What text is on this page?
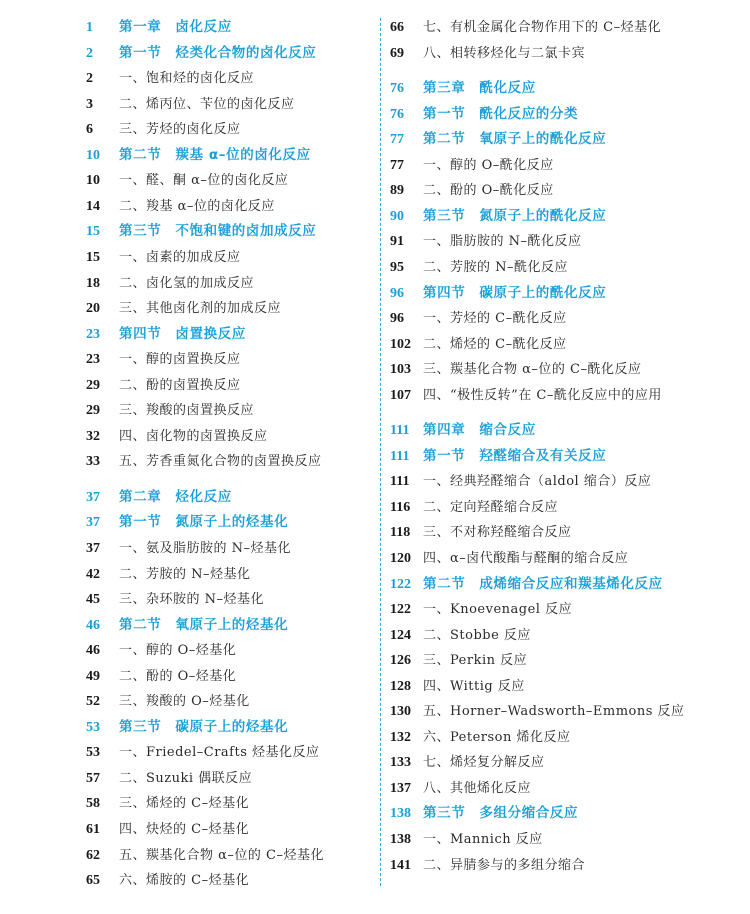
1 第一章　卤化反应
2 第一节　烃类化合物的卤化反应
2 一、饱和烃的卤化反应
3 二、烯丙位、苄位的卤化反应
6 三、芳烃的卤化反应
10 第二节　羰基 α–位的卤化反应
10 一、醛、酮 α–位的卤化反应
14 二、羧基 α–位的卤化反应
15 第三节　不饱和键的卤加成反应
15 一、卤素的加成反应
18 二、卤化氢的加成反应
20 三、其他卤化剂的加成反应
23 第四节　卤置换反应
23 一、醇的卤置换反应
29 二、酚的卤置换反应
29 三、羧酸的卤置换反应
32 四、卤化物的卤置换反应
33 五、芳香重氮化合物的卤置换反应
37 第二章　烃化反应
37 第一节　氮原子上的烃基化
37 一、氨及脂肪胺的 N–烃基化
42 二、芳胺的 N–烃基化
45 三、杂环胺的 N–烃基化
46 第二节　氧原子上的烃基化
46 一、醇的 O–烃基化
49 二、酚的 O–烃基化
52 三、羧酸的 O–烃基化
53 第三节　碳原子上的烃基化
53 一、Friedel–Crafts 烃基化反应
57 二、Suzuki 偶联反应
58 三、烯烃的 C–烃基化
61 四、炔烃的 C–烃基化
62 五、羰基化合物 α–位的 C–烃基化
65 六、烯胺的 C–烃基化
66 七、有机金属化合物作用下的 C–烃基化
69 八、相转移烃化与二氯卡宾
76 第三章　酰化反应
76 第一节　酰化反应的分类
77 第二节　氧原子上的酰化反应
77 一、醇的 O–酰化反应
89 二、酚的 O–酰化反应
90 第三节　氮原子上的酰化反应
91 一、脂肪胺的 N–酰化反应
95 二、芳胺的 N–酰化反应
96 第四节　碳原子上的酰化反应
96 一、芳烃的 C–酰化反应
102 二、烯烃的 C–酰化反应
103 三、羰基化合物 α–位的 C–酰化反应
107 四、“极性反转”在 C–酰化反应中的应用
111 第四章　缩合反应
111 第一节　羟醛缩合及有关反应
111 一、经典羟醛缩合（aldol 缩合）反应
116 二、定向羟醛缩合反应
118 三、不对称羟醛缩合反应
120 四、α–卤代酸酯与醛酮的缩合反应
122 第二节　成烯缩合反应和羰基烯化反应
122 一、Knoevenagel 反应
124 二、Stobbe 反应
126 三、Perkin 反应
128 四、Wittig 反应
130 五、Horner–Wadsworth–Emmons 反应
132 六、Peterson 烯化反应
133 七、烯烃复分解反应
137 八、其他烯化反应
138 第三节　多组分缩合反应
138 一、Mannich 反应
141 二、异腈参与的多组分缩合
